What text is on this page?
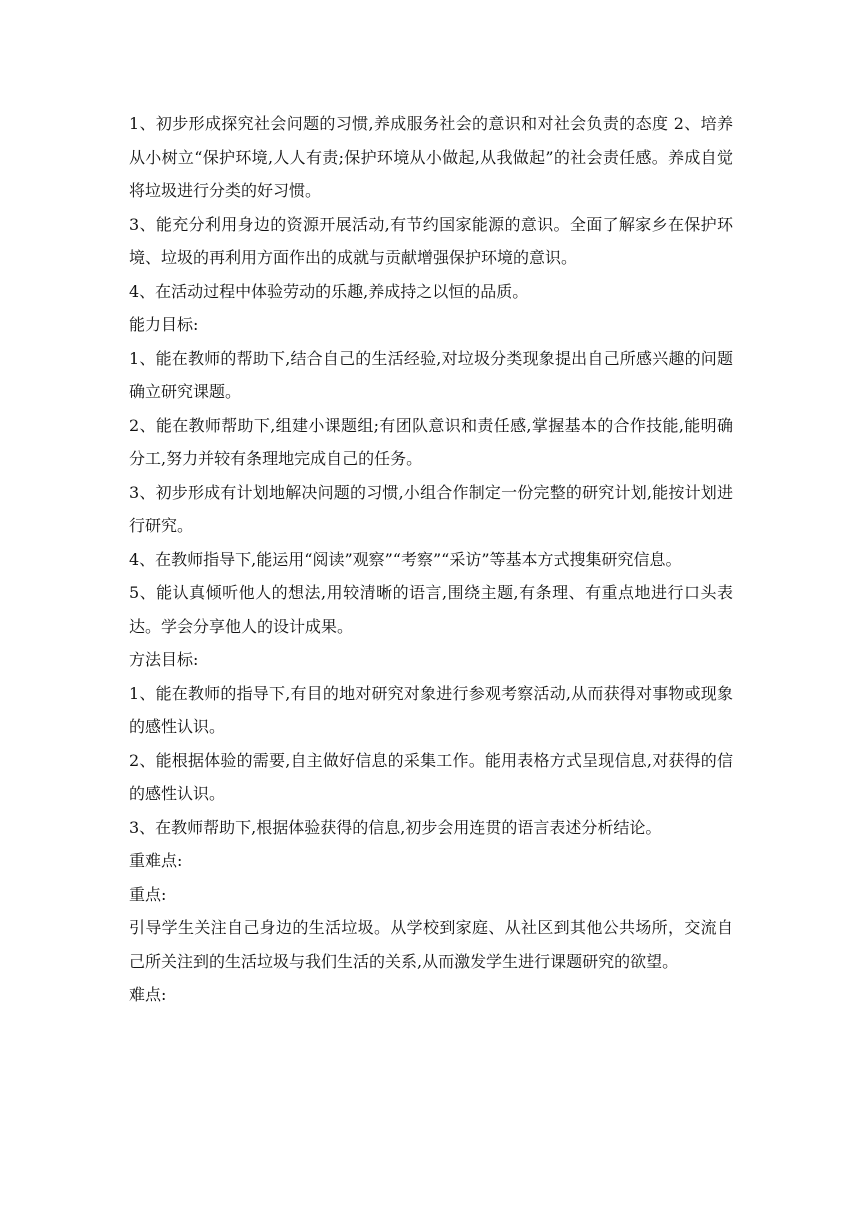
1、初步形成探究社会问题的习惯,养成服务社会的意识和对社会负责的态度 2、培养从小树立“保护环境,人人有责;保护环境从小做起,从我做起”的社会责任感。养成自觉将垃圾进行分类的好习惯。

3、能充分利用身边的资源开展活动,有节约国家能源的意识。全面了解家乡在保护环境、垃圾的再利用方面作出的成就与贡献增强保护环境的意识。

4、在活动过程中体验劳动的乐趣,养成持之以恒的品质。

能力目标:

1、能在教师的帮助下,结合自己的生活经验,对垃圾分类现象提出自己所感兴趣的问题确立研究课题。

2、能在教师帮助下,组建小课题组;有团队意识和责任感,掌握基本的合作技能,能明确分工,努力并较有条理地完成自己的任务。

3、初步形成有计划地解决问题的习惯,小组合作制定一份完整的研究计划,能按计划进行研究。

4、在教师指导下,能运用“阅读”观察”“考察”“采访”等基本方式搜集研究信息。

5、能认真倾听他人的想法,用较清晰的语言,围绕主题,有条理、有重点地进行口头表达。学会分享他人的设计成果。

方法目标:

1、能在教师的指导下,有目的地对研究对象进行参观考察活动,从而获得对事物或现象的感性认识。

2、能根据体验的需要,自主做好信息的采集工作。能用表格方式呈现信息,对获得的信的感性认识。

3、在教师帮助下,根据体验获得的信息,初步会用连贯的语言表述分析结论。

重难点:

重点:

引导学生关注自己身边的生活垃圾。从学校到家庭、从社区到其他公共场所，交流自己所关注到的生活垃圾与我们生活的关系,从而激发学生进行课题研究的欲望。

难点:
